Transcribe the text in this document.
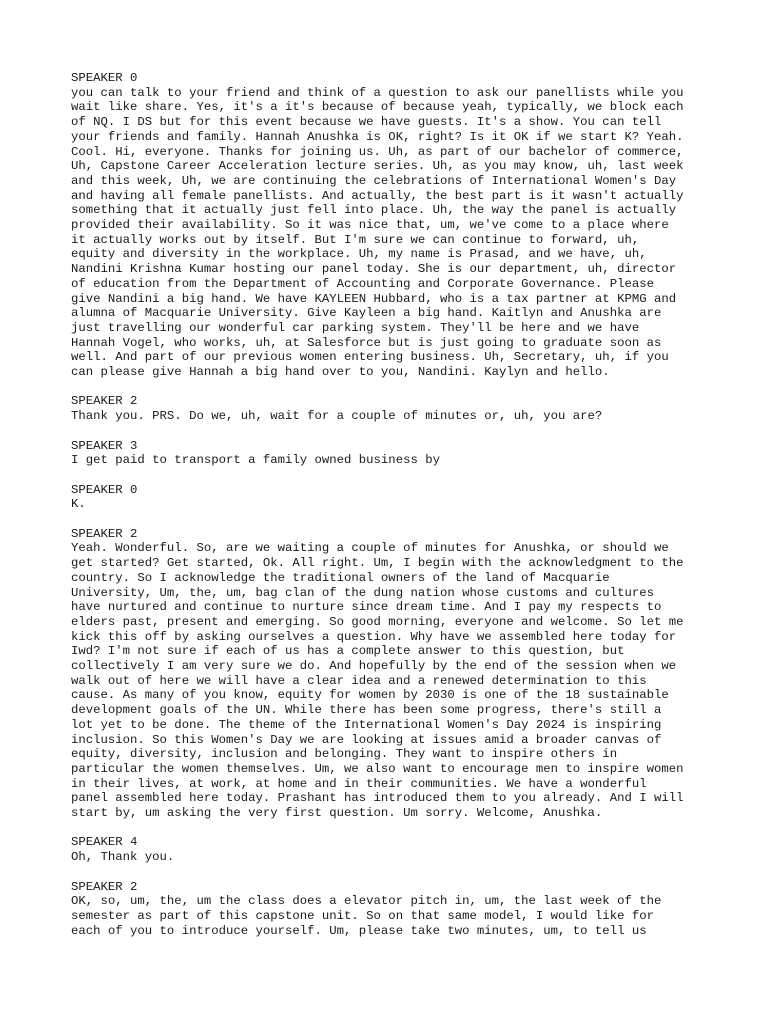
SPEAKER 0
you can talk to your friend and think of a question to ask our panellists while you
wait like share. Yes, it's a it's because of because yeah, typically, we block each
of NQ. I DS but for this event because we have guests. It's a show. You can tell
your friends and family. Hannah Anushka is OK, right? Is it OK if we start K? Yeah.
Cool. Hi, everyone. Thanks for joining us. Uh, as part of our bachelor of commerce,
Uh, Capstone Career Acceleration lecture series. Uh, as you may know, uh, last week
and this week, Uh, we are continuing the celebrations of International Women's Day
and having all female panellists. And actually, the best part is it wasn't actually
something that it actually just fell into place. Uh, the way the panel is actually
provided their availability. So it was nice that, um, we've come to a place where
it actually works out by itself. But I'm sure we can continue to forward, uh,
equity and diversity in the workplace. Uh, my name is Prasad, and we have, uh,
Nandini Krishna Kumar hosting our panel today. She is our department, uh, director
of education from the Department of Accounting and Corporate Governance. Please
give Nandini a big hand. We have KAYLEEN Hubbard, who is a tax partner at KPMG and
alumna of Macquarie University. Give Kayleen a big hand. Kaitlyn and Anushka are
just travelling our wonderful car parking system. They'll be here and we have
Hannah Vogel, who works, uh, at Salesforce but is just going to graduate soon as
well. And part of our previous women entering business. Uh, Secretary, uh, if you
can please give Hannah a big hand over to you, Nandini. Kaylyn and hello.
SPEAKER 2
Thank you. PRS. Do we, uh, wait for a couple of minutes or, uh, you are?
SPEAKER 3
I get paid to transport a family owned business by
SPEAKER 0
K.
SPEAKER 2
Yeah. Wonderful. So, are we waiting a couple of minutes for Anushka, or should we
get started? Get started, Ok. All right. Um, I begin with the acknowledgment to the
country. So I acknowledge the traditional owners of the land of Macquarie
University, Um, the, um, bag clan of the dung nation whose customs and cultures
have nurtured and continue to nurture since dream time. And I pay my respects to
elders past, present and emerging. So good morning, everyone and welcome. So let me
kick this off by asking ourselves a question. Why have we assembled here today for
Iwd? I'm not sure if each of us has a complete answer to this question, but
collectively I am very sure we do. And hopefully by the end of the session when we
walk out of here we will have a clear idea and a renewed determination to this
cause. As many of you know, equity for women by 2030 is one of the 18 sustainable
development goals of the UN. While there has been some progress, there's still a
lot yet to be done. The theme of the International Women's Day 2024 is inspiring
inclusion. So this Women's Day we are looking at issues amid a broader canvas of
equity, diversity, inclusion and belonging. They want to inspire others in
particular the women themselves. Um, we also want to encourage men to inspire women
in their lives, at work, at home and in their communities. We have a wonderful
panel assembled here today. Prashant has introduced them to you already. And I will
start by, um asking the very first question. Um sorry. Welcome, Anushka.
SPEAKER 4
Oh, Thank you.
SPEAKER 2
OK, so, um, the, um the class does a elevator pitch in, um, the last week of the
semester as part of this capstone unit. So on that same model, I would like for
each of you to introduce yourself. Um, please take two minutes, um, to tell us
